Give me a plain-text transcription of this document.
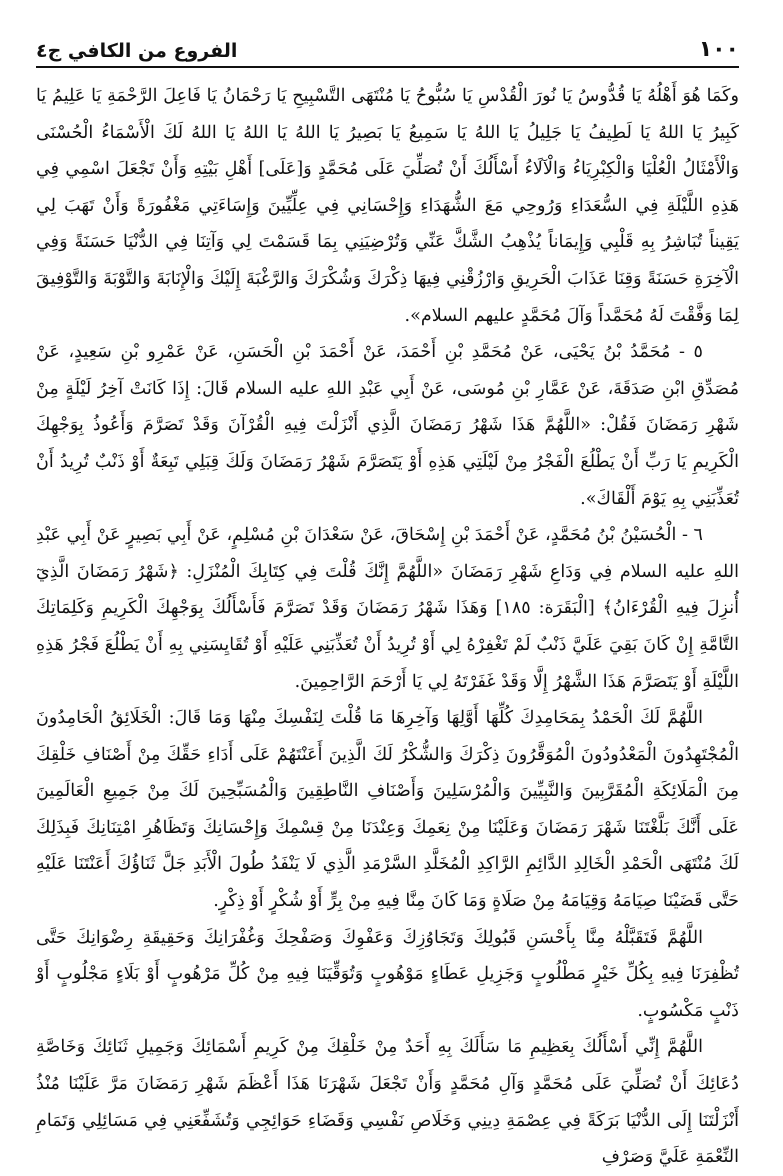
١٠٠
الفروع من الكافي ج٤

وكَمَا هُوَ أَهْلُهُ يَا قُدُّوسُ يَا نُورَ الْقُدْسِ يَا سُبُّوحُ يَا مُنْتَهَى التَّسْبِيحِ يَا رَحْمَانُ يَا فَاعِلَ الرَّحْمَةِ يَا عَلِيمُ يَا كَبِيرُ يَا اللهُ يَا لَطِيفُ يَا جَلِيلُ يَا اللهُ يَا سَمِيعُ يَا بَصِيرُ يَا اللهُ يَا اللهُ يَا اللهُ لَكَ الْأَسْمَاءُ الْحُسْنَى وَالْأَمْثَالُ الْعُلْيَا وَالْكِبْرِيَاءُ وَالْآلَاءُ أَسْأَلُكَ أَنْ تُصَلِّيَ عَلَى مُحَمَّدٍ وَ[عَلَى] أَهْلِ بَيْتِهِ وَأَنْ تَجْعَلَ اسْمِي فِي هَذِهِ اللَّيْلَةِ فِي السُّعَدَاءِ وَرُوحِي مَعَ الشُّهَدَاءِ وَإِحْسَانِي فِي عِلِّيِّينَ وَإِسَاءَتِي مَغْفُورَةً وَأَنْ تَهَبَ لِي يَقِيناً تُبَاشِرُ بِهِ قَلْبِي وَإِيمَاناً يُذْهِبُ الشَّكَّ عَنِّي وَتُرْضِيَنِي بِمَا قَسَمْتَ لِي وَآتِنَا فِي الدُّنْيَا حَسَنَةً وَفِي الْآخِرَةِ حَسَنَةً وَقِنَا عَذَابَ الْحَرِيقِ وَارْزُقْنِي فِيهَا ذِكْرَكَ وَشُكْرَكَ وَالرَّغْبَةَ إِلَيْكَ وَالْإِنَابَةَ وَالتَّوْبَةَ وَالتَّوْفِيقَ لِمَا وَفَّقْتَ لَهُ مُحَمَّداً وَآلَ مُحَمَّدٍ عليهم السلام».

٥ - مُحَمَّدُ بْنُ يَحْيَى، عَنْ مُحَمَّدِ بْنِ أَحْمَدَ، عَنْ أَحْمَدَ بْنِ الْحَسَنِ، عَنْ عَمْرِو بْنِ سَعِيدٍ، عَنْ مُصَدِّقِ ابْنِ صَدَقَةَ، عَنْ عَمَّارِ بْنِ مُوسَى، عَنْ أَبِي عَبْدِ اللهِ عليه السلام قَالَ: إِذَا كَانَتْ آخِرُ لَيْلَةٍ مِنْ شَهْرِ رَمَضَانَ فَقُلْ: «اللَّهُمَّ هَذَا شَهْرُ رَمَضَانَ الَّذِي أَنْزَلْتَ فِيهِ الْقُرْآنَ وَقَدْ تَصَرَّمَ وَأَعُوذُ بِوَجْهِكَ الْكَرِيمِ يَا رَبِّ أَنْ يَطْلُعَ الْفَجْرُ مِنْ لَيْلَتِي هَذِهِ أَوْ يَتَصَرَّمَ شَهْرُ رَمَضَانَ وَلَكَ قِبَلِي تَبِعَةٌ أَوْ ذَنْبٌ تُرِيدُ أَنْ تُعَذِّبَنِي بِهِ يَوْمَ أَلْقَاكَ».

٦ - الْحُسَيْنُ بْنُ مُحَمَّدٍ، عَنْ أَحْمَدَ بْنِ إِسْحَاقَ، عَنْ سَعْدَانَ بْنِ مُسْلِمٍ، عَنْ أَبِي بَصِيرٍ عَنْ أَبِي عَبْدِ اللهِ عليه السلام فِي وَدَاعِ شَهْرِ رَمَضَانَ «اللَّهُمَّ إِنَّكَ قُلْتَ فِي كِتَابِكَ الْمُنْزَلِ: ﴿شَهْرُ رَمَضَانَ الَّذِيٓ أُنزِلَ فِيهِ الْقُرْءَانُ﴾ [الْبَقَرَة: ١٨٥] وَهَذَا شَهْرُ رَمَضَانَ وَقَدْ تَصَرَّمَ فَأَسْأَلُكَ بِوَجْهِكَ الْكَرِيمِ وَكَلِمَاتِكَ التَّامَّةِ إِنْ كَانَ بَقِيَ عَلَيَّ ذَنْبٌ لَمْ تَغْفِرْهُ لِي أَوْ تُرِيدُ أَنْ تُعَذِّبَنِي عَلَيْهِ أَوْ تُقَايِسَنِي بِهِ أَنْ يَطْلُعَ فَجْرُ هَذِهِ اللَّيْلَةِ أَوْ يَتَصَرَّمَ هَذَا الشَّهْرُ إِلَّا وَقَدْ غَفَرْتَهُ لِي يَا أَرْحَمَ الرَّاحِمِينَ.

اللَّهُمَّ لَكَ الْحَمْدُ بِمَحَامِدِكَ كُلِّهَا أَوَّلِهَا وَآخِرِهَا مَا قُلْتَ لِنَفْسِكَ مِنْهَا وَمَا قَالَ: الْخَلَائِقُ الْحَامِدُونَ الْمُجْتَهِدُونَ الْمَعْدُودُونَ الْمُوَقَّرُونَ ذِكْرَكَ وَالشُّكْرُ لَكَ الَّذِينَ أَعَنْتَهُمْ عَلَى أَدَاءِ حَقِّكَ مِنْ أَصْنَافِ خَلْقِكَ مِنَ الْمَلَائِكَةِ الْمُقَرَّبِينَ وَالنَّبِيِّينَ وَالْمُرْسَلِينَ وَأَصْنَافِ النَّاطِقِينَ وَالْمُسَبِّحِينَ لَكَ مِنْ جَمِيعِ الْعَالَمِينَ عَلَى أَنَّكَ بَلَّغْتَنَا شَهْرَ رَمَضَانَ وَعَلَيْنَا مِنْ نِعَمِكَ وَعِنْدَنَا مِنْ قِسْمِكَ وَإِحْسَانِكَ وَتَظَاهُرِ امْتِنَانِكَ فَبِذَلِكَ لَكَ مُنْتَهَى الْحَمْدِ الْخَالِدِ الدَّائِمِ الرَّاكِدِ الْمُخَلَّدِ السَّرْمَدِ الَّذِي لَا يَنْفَدُ طُولَ الْأَبَدِ جَلَّ ثَنَاؤُكَ أَعَنْتَنَا عَلَيْهِ حَتَّى قَضَيْنَا صِيَامَهُ وَقِيَامَهُ مِنْ صَلَاةٍ وَمَا كَانَ مِنَّا فِيهِ مِنْ بِرٍّ أَوْ شُكْرٍ أَوْ ذِكْرٍ.

اللَّهُمَّ فَتَقَبَّلْهُ مِنَّا بِأَحْسَنِ قَبُولِكَ وَتَجَاوُزِكَ وَعَفْوِكَ وَصَفْحِكَ وَغُفْرَانِكَ وَحَقِيقَةِ رِضْوَانِكَ حَتَّى تُظْفِرَنَا فِيهِ بِكُلِّ خَيْرٍ مَطْلُوبٍ وَجَزِيلِ عَطَاءٍ مَوْهُوبٍ وَتُوَقِّيَنَا فِيهِ مِنْ كُلِّ مَرْهُوبٍ أَوْ بَلَاءٍ مَجْلُوبٍ أَوْ ذَنْبٍ مَكْسُوبٍ.

اللَّهُمَّ إِنِّي أَسْأَلُكَ بِعَظِيمِ مَا سَأَلَكَ بِهِ أَحَدٌ مِنْ خَلْقِكَ مِنْ كَرِيمِ أَسْمَائِكَ وَجَمِيلِ ثَنَائِكَ وَخَاصَّةِ دُعَائِكَ أَنْ تُصَلِّيَ عَلَى مُحَمَّدٍ وَآلِ مُحَمَّدٍ وَأَنْ تَجْعَلَ شَهْرَنَا هَذَا أَعْظَمَ شَهْرِ رَمَضَانَ مَرَّ عَلَيْنَا مُنْذُ أَنْزَلْتَنَا إِلَى الدُّنْيَا بَرَكَةً فِي عِصْمَةِ دِينِي وَخَلَاصِ نَفْسِي وَقَضَاءِ حَوَائِجِي وَتُشَفِّعَنِي فِي مَسَائِلِي وَتَمَامِ النِّعْمَةِ عَلَيَّ وَصَرْفِ
